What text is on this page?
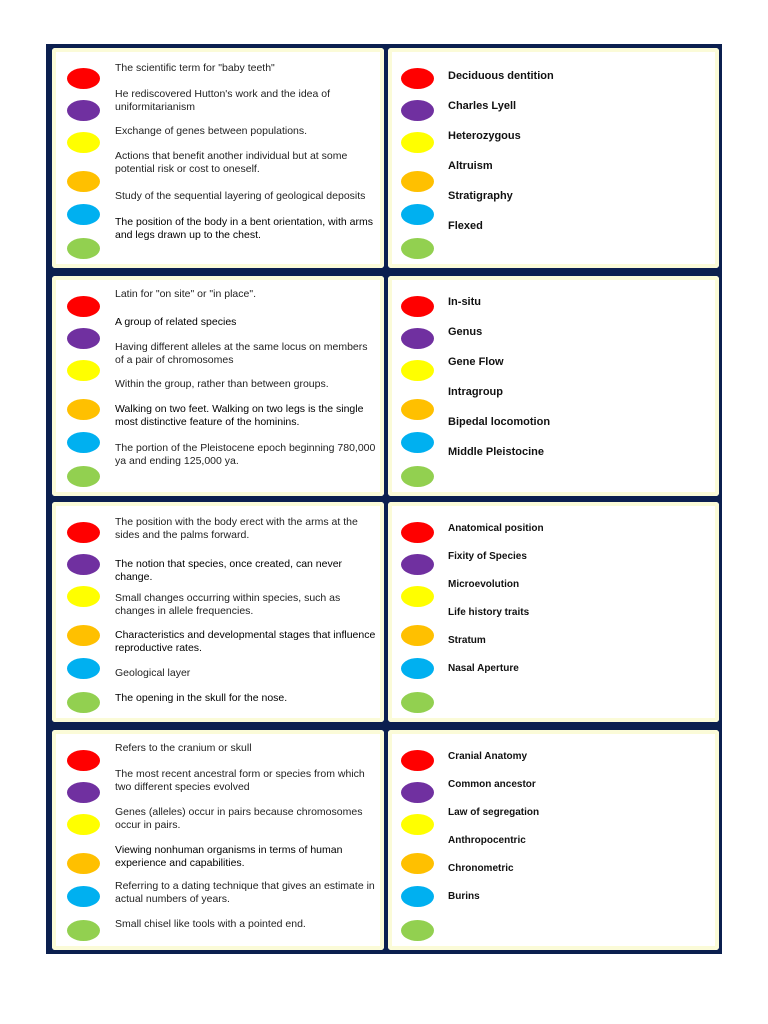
The scientific term for "baby teeth"
He rediscovered Hutton's work and the idea of uniformitarianism
Exchange of genes between populations.
Actions that benefit another individual but at some potential risk or cost to oneself.
Study of the sequential layering of geological deposits
The position of the body in a bent orientation, with arms and legs drawn up to the chest.
Deciduous dentition
Charles Lyell
Heterozygous
Altruism
Stratigraphy
Flexed
Latin for "on site" or "in place".
A group of related species
Having different alleles at the same locus on members of a pair of chromosomes
Within the group, rather than between groups.
Walking on two feet. Walking on two legs is the single most distinctive feature of the hominins.
The portion of the Pleistocene epoch beginning 780,000 ya and ending 125,000 ya.
In-situ
Genus
Gene Flow
Intragroup
Bipedal locomotion
Middle Pleistocine
The position with the body erect with the arms at the sides and the palms forward.
The notion that species, once created, can never change.
Small changes occurring within species, such as changes in allele frequencies.
Characteristics and developmental stages that influence reproductive rates.
Geological layer
The opening in the skull for the nose.
Anatomical position
Fixity of Species
Microevolution
Life history traits
Stratum
Nasal Aperture
Refers to the cranium or skull
The most recent ancestral form or species from which two different species evolved
Genes (alleles) occur in pairs because chromosomes occur in pairs.
Viewing nonhuman organisms in terms of human experience and capabilities.
Referring to a dating technique that gives an estimate in actual numbers of years.
Small chisel like tools with a pointed end.
Cranial Anatomy
Common ancestor
Law of segregation
Anthropocentric
Chronometric
Burins
